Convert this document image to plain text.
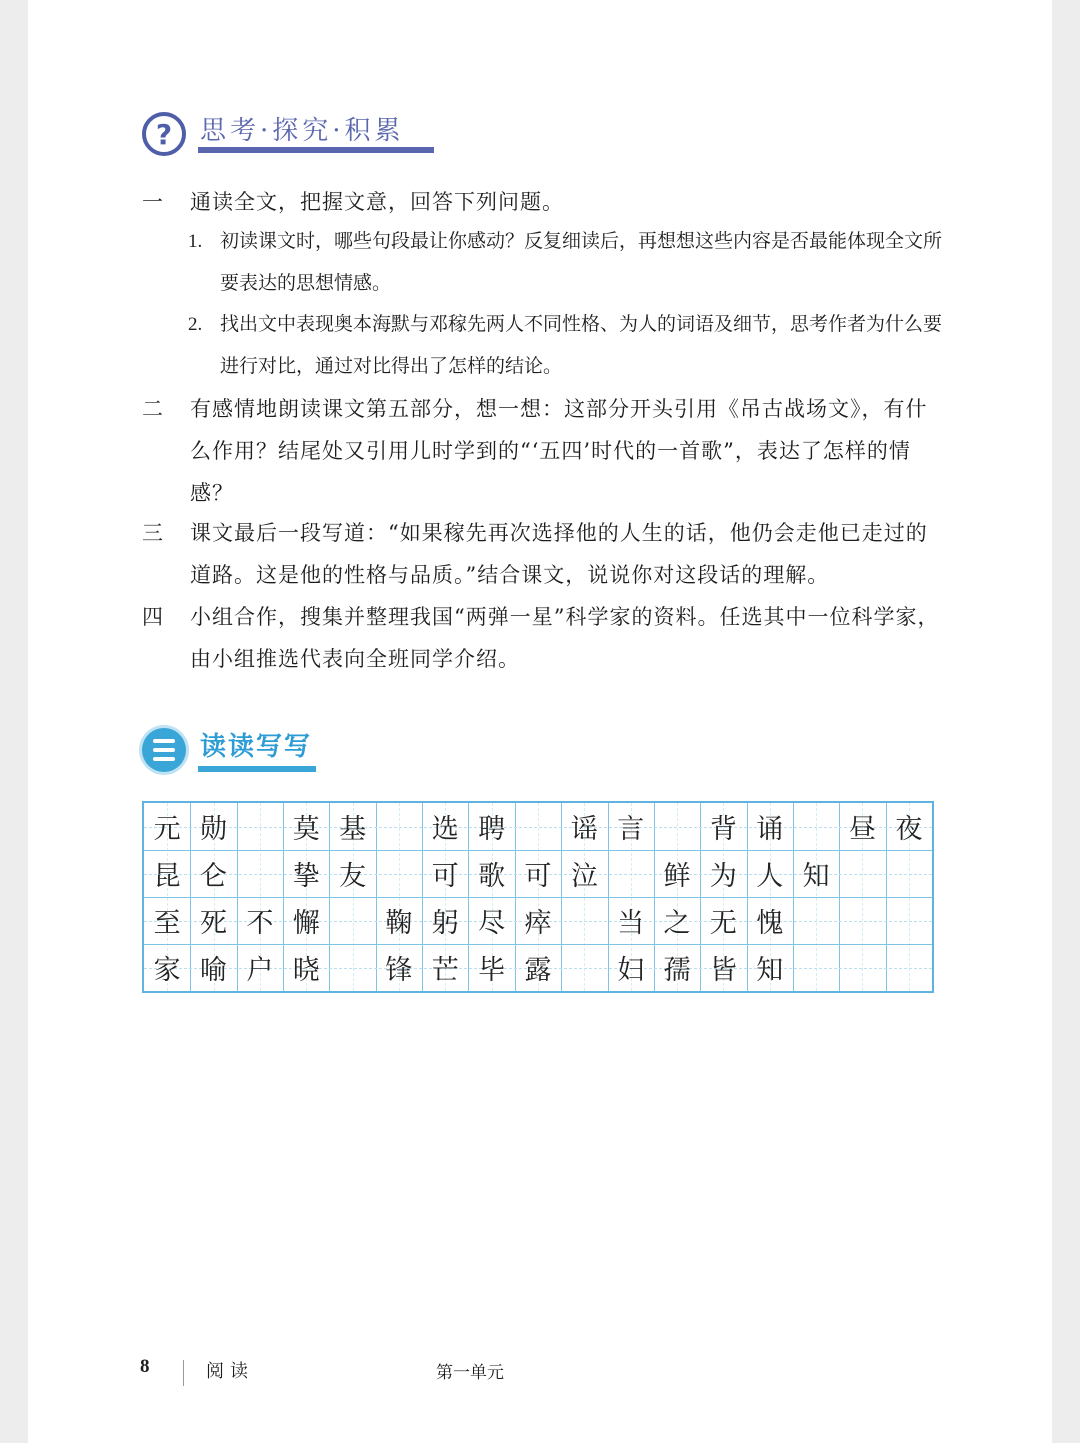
?	思考·探究·积累
一	通读全文，把握文意，回答下列问题。
1. 初读课文时，哪些句段最让你感动？反复细读后，再想想这些内容是否最能体现全文所要表达的思想情感。
2. 找出文中表现奥本海默与邓稼先两人不同性格、为人的词语及细节，思考作者为什么要进行对比，通过对比得出了怎样的结论。
二	有感情地朗读课文第五部分，想一想：这部分开头引用《吊古战场文》，有什么作用？结尾处又引用儿时学到的“‘五四’时代的一首歌”，表达了怎样的情感？
三	课文最后一段写道：“如果稼先再次选择他的人生的话，他仍会走他已走过的道路。这是他的性格与品质。”结合课文，说说你对这段话的理解。
四	小组合作，搜集并整理我国“两弹一星”科学家的资料。任选其中一位科学家，由小组推选代表向全班同学介绍。
读读写写
元 勋	莫 基	选 聘	谣 言	背 诵	昼 夜
昆 仑	挚 友	可 歌 可 泣	鲜 为 人 知
至 死 不 懈	鞠 躬 尽 瘁	当 之 无 愧
家 喻 户 晓	锋 芒 毕 露	妇 孺 皆 知
8	阅读	第一单元
